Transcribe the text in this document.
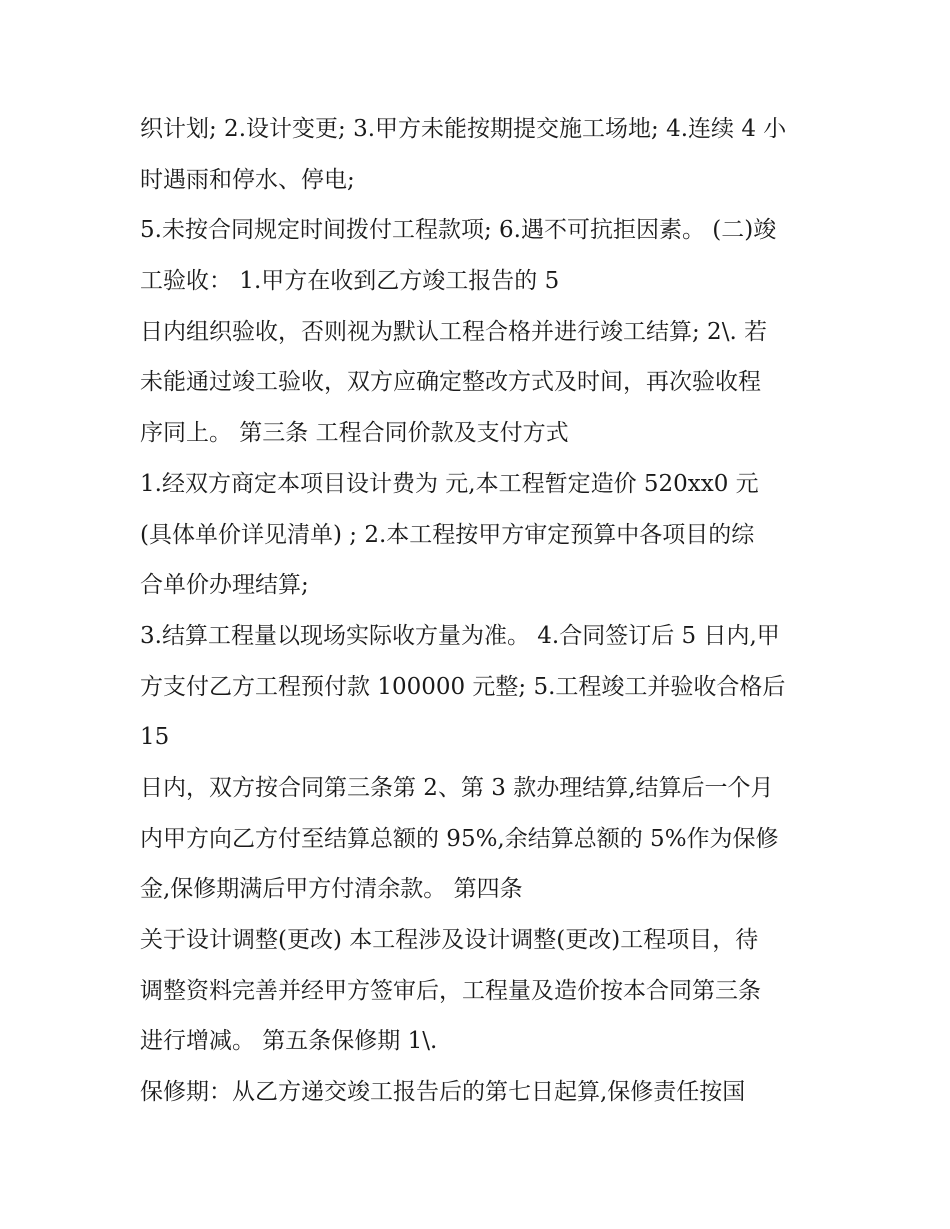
织计划; 2.设计变更; 3.甲方未能按期提交施工场地; 4.连续 4 小
时遇雨和停水、停电;
5.未按合同规定时间拨付工程款项; 6.遇不可抗拒因素。 (二)竣
工验收： 1.甲方在收到乙方竣工报告的 5
日内组织验收，否则视为默认工程合格并进行竣工结算; 2\. 若
未能通过竣工验收，双方应确定整改方式及时间，再次验收程
序同上。 第三条 工程合同价款及支付方式
1.经双方商定本项目设计费为 元,本工程暂定造价 520xx0 元
(具体单价详见清单) ; 2.本工程按甲方审定预算中各项目的综
合单价办理结算;
3.结算工程量以现场实际收方量为准。 4.合同签订后 5 日内,甲
方支付乙方工程预付款 100000 元整; 5.工程竣工并验收合格后
15
日内，双方按合同第三条第 2、第 3 款办理结算,结算后一个月
内甲方向乙方付至结算总额的 95%,余结算总额的 5%作为保修
金,保修期满后甲方付清余款。 第四条
关于设计调整(更改) 本工程涉及设计调整(更改)工程项目，待
调整资料完善并经甲方签审后，工程量及造价按本合同第三条
进行增减。 第五条保修期 1\.
保修期：从乙方递交竣工报告后的第七日起算,保修责任按国
